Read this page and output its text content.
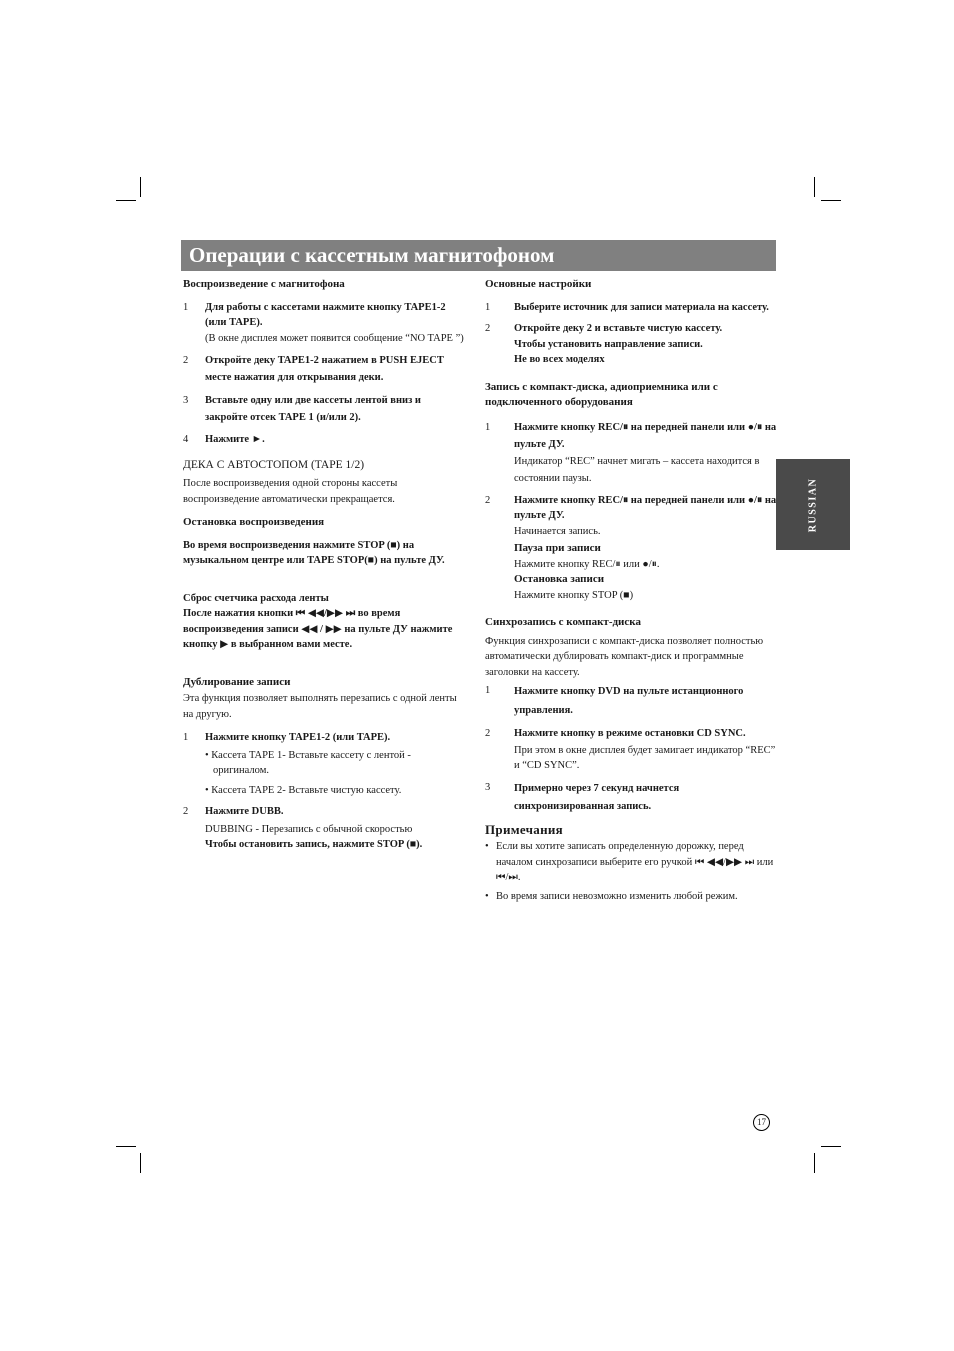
Операции с кассетным магнитофоном
Воспроизведение с магнитофона
1	Для работы с кассетами нажмите кнопку TAPE1-2 (или TAPE).
(В окне дисплея может появится сообщение “NO TAPE ”)
2	Откройте деку TAPE1-2 нажатием в PUSH EJECT месте нажатия для открывания деки.
3	Вставьте одну или две кассеты лентой вниз и закройте отсек TAPE 1 (и/или 2).
4	Нажмите ►.
ДЕКА С АВТОСТОПОМ (TAPE 1/2)
После воспроизведения одной стороны кассеты воспроизведение автоматически прекращается.
Остановка воспроизведения
Во время воспроизведения нажмите STOP (■) на музыкальном центре или TAPE STOP(■) на пульте ДУ.
Сброс счетчика расхода ленты
После нажатия кнопки ⏮ ◀◀/▶▶ ⏭ во время воспроизведения записи ◀◀ / ▶▶ на пульте ДУ нажмите кнопку ▶ в выбранном вами месте.
Дублирование записи
Эта функция позволяет выполнять перезапись с одной ленты на другую.
1	Нажмите кнопку TAPE1-2 (или TAPE).
• Кассета TAPE 1- Вставьте кассету с лентой - оригиналом.
• Кассета TAPE 2- Вставьте чистую кассету.
2	Нажмите DUBB.
DUBBING - Перезапись с обычной скоростью
Чтобы остановить запись, нажмите STOP (■).
Основные настройки
1	Выберите источник для записи материала на кассету.
2	Откройте деку 2 и вставьте чистую кассету.
Чтобы установить направление записи.
Не во всех моделях
Запись с компакт-диска, адиоприемника или с подключенного оборудования
1	Нажмите кнопку REC/⏸ на передней панели или ●/⏸ на пульте ДУ.
Индикатор “REC” начнет мигать – кассета находится в состоянии паузы.
2	Нажмите кнопку REC/⏸ на передней панели или ●/⏸ на пульте ДУ.
Начинается запись.
Пауза при записи
Нажмите кнопку REC/⏸ или ●/⏸.
Остановка записи
Нажмите кнопку STOP (■)
Синхрозапись с компакт-диска
Функция синхрозаписи с компакт-диска позволяет полностью автоматически дублировать компакт-диск и программные заголовки на кассету.
1	Нажмите кнопку DVD на пульте истанционного управления.
2	Нажмите кнопку в режиме остановки CD SYNC.
При этом в окне дисплея будет замигает индикатор “REC” и “CD SYNC”.
3	Примерно через 7 секунд начнется синхронизированная запись.
Примечания
• Если вы хотите записать определенную дорожку, перед началом синхрозаписи выберите его ручкой ⏮ ◀◀/▶▶ ⏭ или ⏮/⏭.
• Во время записи невозможно изменить любой режим.
RUSSIAN
17
